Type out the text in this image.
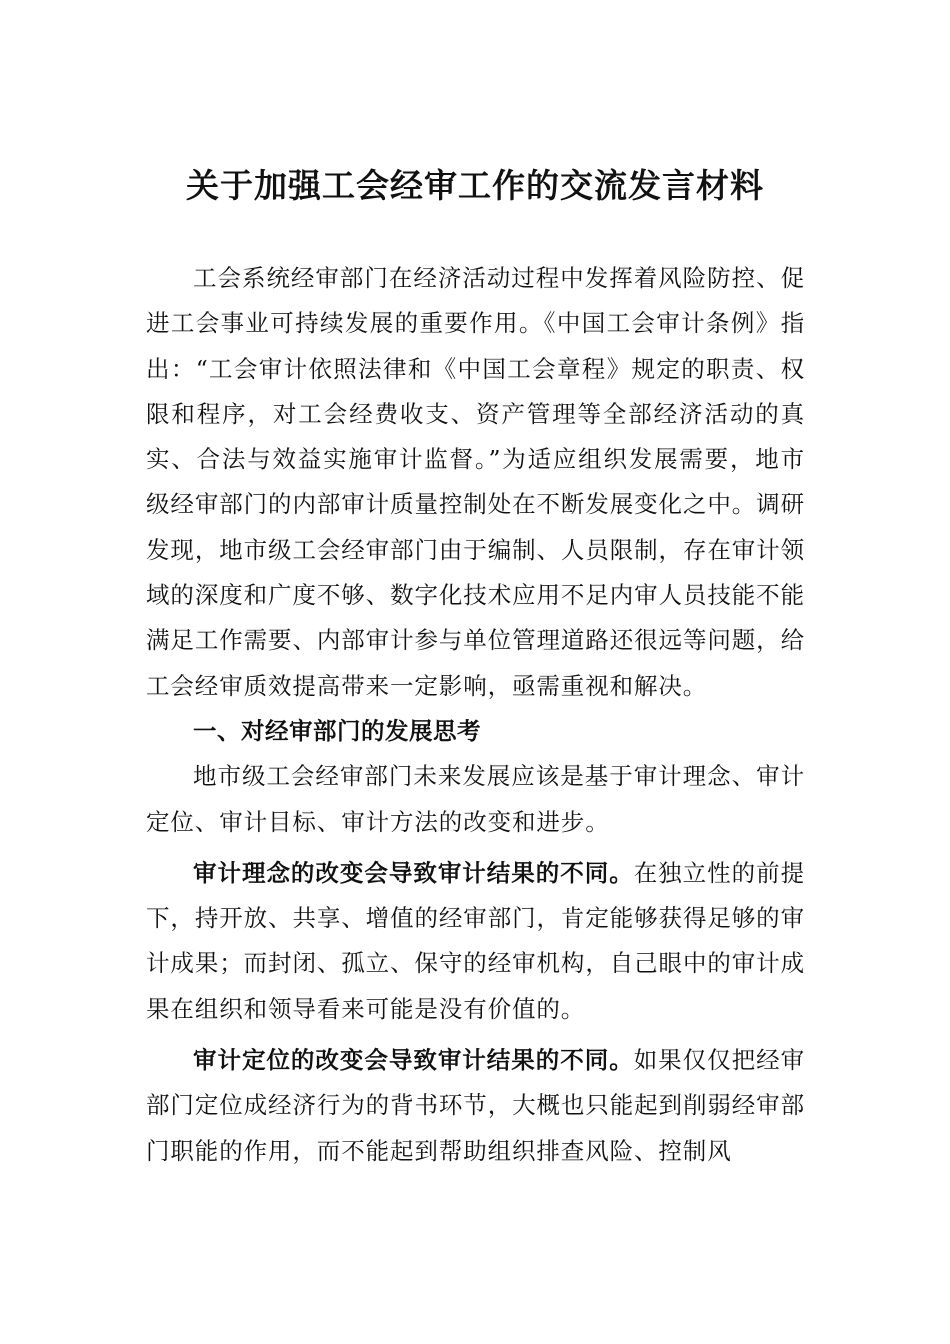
关于加强工会经审工作的交流发言材料

工会系统经审部门在经济活动过程中发挥着风险防控、促进工会事业可持续发展的重要作用。《中国工会审计条例》指出：“工会审计依照法律和《中国工会章程》规定的职责、权限和程序，对工会经费收支、资产管理等全部经济活动的真实、合法与效益实施审计监督。”为适应组织发展需要，地市级经审部门的内部审计质量控制处在不断发展变化之中。调研发现，地市级工会经审部门由于编制、人员限制，存在审计领域的深度和广度不够、数字化技术应用不足内审人员技能不能满足工作需要、内部审计参与单位管理道路还很远等问题，给工会经审质效提高带来一定影响，亟需重视和解决。

一、对经审部门的发展思考

地市级工会经审部门未来发展应该是基于审计理念、审计定位、审计目标、审计方法的改变和进步。

审计理念的改变会导致审计结果的不同。在独立性的前提下，持开放、共享、增值的经审部门，肯定能够获得足够的审计成果；而封闭、孤立、保守的经审机构，自己眼中的审计成果在组织和领导看来可能是没有价值的。

审计定位的改变会导致审计结果的不同。如果仅仅把经审部门定位成经济行为的背书环节，大概也只能起到削弱经审部门职能的作用，而不能起到帮助组织排查风险、控制风
